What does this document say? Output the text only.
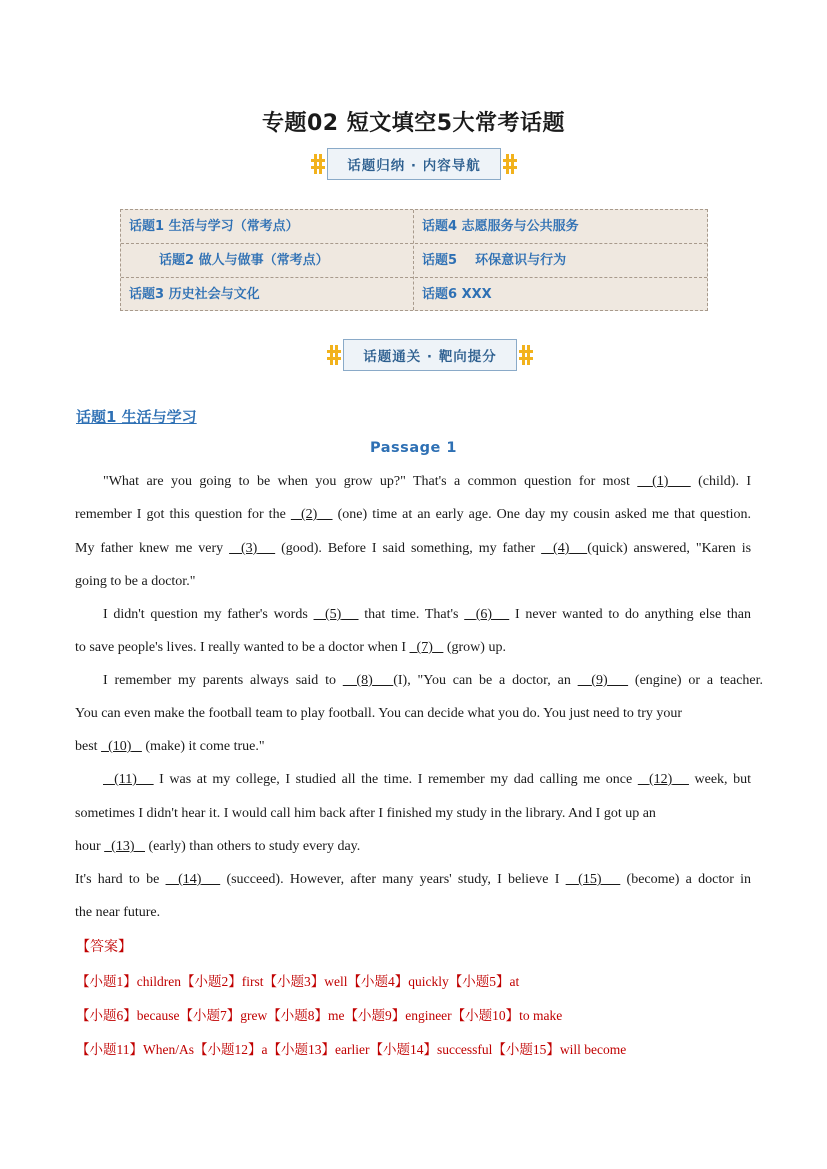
专题02 短文填空5大常考话题
话题归纳 · 内容导航
话题1 生活与学习（常考点）	话题4 志愿服务与公共服务
话题2 做人与做事（常考点）	话题5    环保意识与行为
话题3 历史社会与文化	话题6 XXX
话题通关 · 靶向提分
话题1 生活与学习
Passage 1
"What are you going to be when you grow up?" That's a common question for most   (1)    (child). I
remember I got this question for the   (2)    (one) time at an early age. One day my cousin asked me that question.
My father knew me very   (3)    (good). Before I said something, my father   (4) (quick) answered, "Karen is
going to be a doctor."
I didn't question my father's words   (5)    that time. That's   (6)    I never wanted to do anything else than
to save people's lives. I really wanted to be a doctor when I   (7)    (grow) up.
I remember my parents always said to   (8) (I), "You can be a doctor, an   (9)    (engine) or a teacher.
You can even make the football team to play football. You can decide what you do. You just need to try your
best   (10)    (make) it come true."
(11)    I was at my college, I studied all the time. I remember my dad calling me once   (12)    week, but
sometimes I didn't hear it. I would call him back after I finished my study in the library. And I got up an
hour   (13)    (early) than others to study every day.
It's hard to be   (14)    (succeed). However, after many years' study, I believe I   (15)    (become) a doctor in
the near future.
【答案】
【小题1】children【小题2】first【小题3】well【小题4】quickly【小题5】at
【小题6】because【小题7】grew【小题8】me【小题9】engineer【小题10】to make
【小题11】When/As【小题12】a【小题13】earlier【小题14】successful【小题15】will become
